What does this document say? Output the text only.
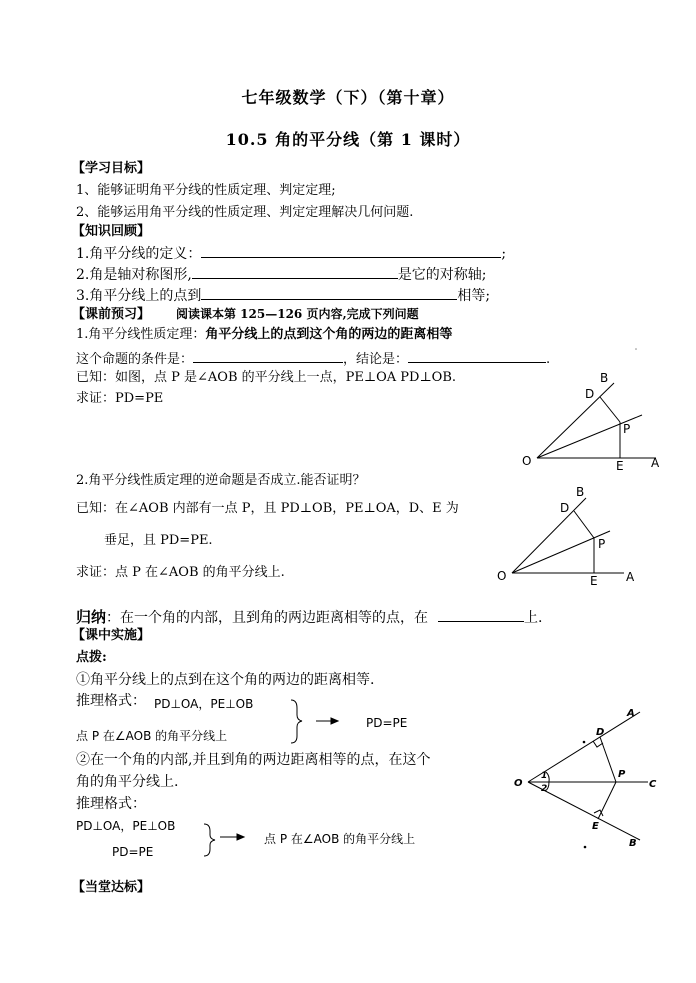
七年级数学（下）（第十章）
10.5 角的平分线（第 1 课时）
【学习目标】
1、能够证明角平分线的性质定理、判定定理;
2、能够运用角平分线的性质定理、判定定理解决几何问题.
【知识回顾】
1.角平分线的定义：	;
2.角是轴对称图形,	是它的对称轴;
3.角平分线上的点到	相等;
【课前预习】 阅读课本第 125—126 页内容,完成下列问题
1.角平分线性质定理：角平分线上的点到这个角的两边的距离相等
这个命题的条件是：	，结论是：	.
已知：如图，点 P 是∠AOB 的平分线上一点，PE⊥OA PD⊥OB.
求证：PD=PE
2.角平分线性质定理的逆命题是否成立.能否证明？
已知：在∠AOB 内部有一点 P，且 PD⊥OB，PE⊥OA，D、E 为
垂足，且 PD=PE.
求证：点 P 在∠AOB 的角平分线上.
归纳：在一个角的内部，且到角的两边距离相等的点，在	上.
【课中实施】
点拨:
①角平分线上的点到在这个角的两边的距离相等.
推理格式： PD⊥OA，PE⊥OB
点 P 在∠AOB 的角平分线上
PD=PE
②在一个角的内部,并且到角的两边距离相等的点，在这个
角的角平分线上.
推理格式：
PD⊥OA，PE⊥OB
PD=PE
点 P 在∠AOB 的角平分线上
【当堂达标】
B
D
P
O	E A
B
D
P
O	E A
A
D
O
1
2
P
C
E
B
